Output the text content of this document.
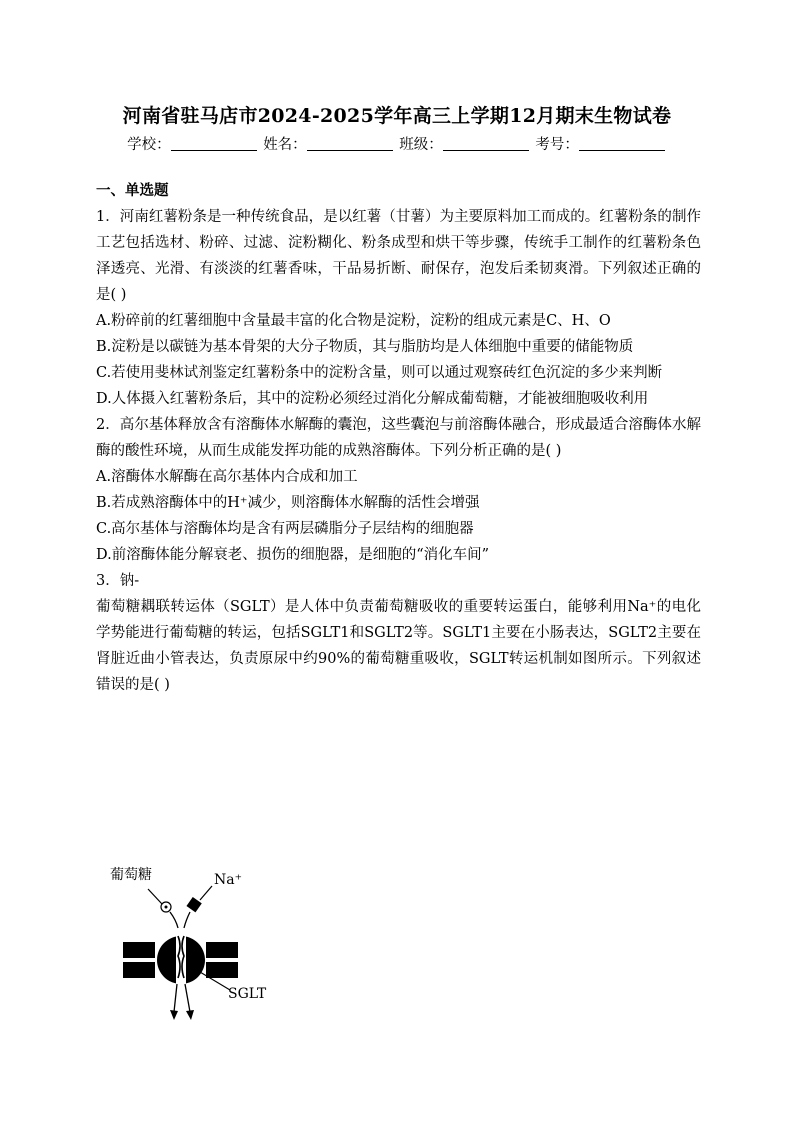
河南省驻马店市2024-2025学年高三上学期12月期末生物试卷
学校：	姓名：	班级：	考号：

一、单选题

1．河南红薯粉条是一种传统食品，是以红薯（甘薯）为主要原料加工而成的。红薯粉条的制作工艺包括选材、粉碎、过滤、淀粉糊化、粉条成型和烘干等步骤，传统手工制作的红薯粉条色泽透亮、光滑、有淡淡的红薯香味，干品易折断、耐保存，泡发后柔韧爽滑。下列叙述正确的是( )

A.粉碎前的红薯细胞中含量最丰富的化合物是淀粉，淀粉的组成元素是C、H、O

B.淀粉是以碳链为基本骨架的大分子物质，其与脂肪均是人体细胞中重要的储能物质

C.若使用斐林试剂鉴定红薯粉条中的淀粉含量，则可以通过观察砖红色沉淀的多少来判断

D.人体摄入红薯粉条后，其中的淀粉必须经过消化分解成葡萄糖，才能被细胞吸收利用

2．高尔基体释放含有溶酶体水解酶的囊泡，这些囊泡与前溶酶体融合，形成最适合溶酶体水解酶的酸性环境，从而生成能发挥功能的成熟溶酶体。下列分析正确的是( )

A.溶酶体水解酶在高尔基体内合成和加工

B.若成熟溶酶体中的H⁺减少，则溶酶体水解酶的活性会增强

C.高尔基体与溶酶体均是含有两层磷脂分子层结构的细胞器

D.前溶酶体能分解衰老、损伤的细胞器，是细胞的“消化车间”

3．钠-

葡萄糖耦联转运体（SGLT）是人体中负责葡萄糖吸收的重要转运蛋白，能够利用Na⁺的电化学势能进行葡萄糖的转运，包括SGLT1和SGLT2等。SGLT1主要在小肠表达，SGLT2主要在肾脏近曲小管表达，负责原尿中约90%的葡萄糖重吸收，SGLT转运机制如图所示。下列叙述错误的是( )

葡萄糖	Na⁺
SGLT
